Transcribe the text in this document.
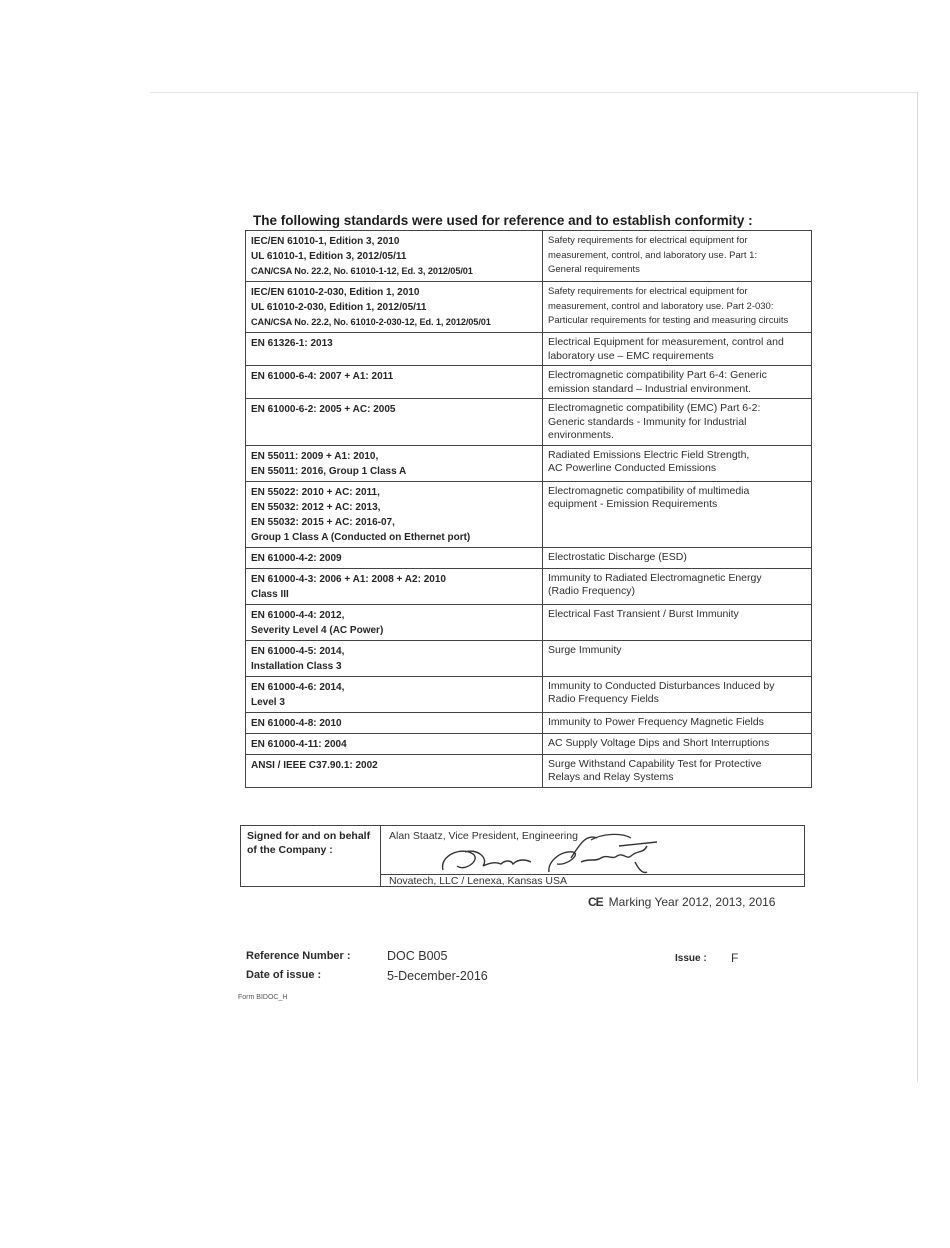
The following standards were used for reference and to establish conformity :
IEC/EN 61010-1, Edition 3, 2010
UL 61010-1, Edition 3, 2012/05/11
CAN/CSA No. 22.2, No. 61010-1-12, Ed. 3, 2012/05/01	Safety requirements for electrical equipment for
measurement, control, and laboratory use. Part 1:
General requirements

IEC/EN 61010-2-030, Edition 1, 2010
UL 61010-2-030, Edition 1, 2012/05/11
CAN/CSA No. 22.2, No. 61010-2-030-12, Ed. 1, 2012/05/01	Safety requirements for electrical equipment for
measurement, control and laboratory use. Part 2-030:
Particular requirements for testing and measuring circuits

EN 61326-1: 2013	Electrical Equipment for measurement, control and
laboratory use – EMC requirements

EN 61000-6-4: 2007 + A1: 2011	Electromagnetic compatibility Part 6-4: Generic
emission standard – Industrial environment.

EN 61000-6-2: 2005 + AC: 2005	Electromagnetic compatibility (EMC) Part 6-2:
Generic standards - Immunity for Industrial
environments.

EN 55011: 2009 + A1: 2010,
EN 55011: 2016, Group 1 Class A	Radiated Emissions Electric Field Strength,
AC Powerline Conducted Emissions

EN 55022: 2010 + AC: 2011,
EN 55032: 2012 + AC: 2013,
EN 55032: 2015 + AC: 2016-07,
Group 1 Class A (Conducted on Ethernet port)	Electromagnetic compatibility of multimedia
equipment - Emission Requirements

EN 61000-4-2: 2009	Electrostatic Discharge (ESD)

EN 61000-4-3: 2006 + A1: 2008 + A2: 2010
Class III	Immunity to Radiated Electromagnetic Energy
(Radio Frequency)

EN 61000-4-4: 2012,
Severity Level 4 (AC Power)	Electrical Fast Transient / Burst Immunity

EN 61000-4-5: 2014,
Installation Class 3	Surge Immunity

EN 61000-4-6: 2014,
Level 3	Immunity to Conducted Disturbances Induced by
Radio Frequency Fields

EN 61000-4-8: 2010	Immunity to Power Frequency Magnetic Fields

EN 61000-4-11: 2004	AC Supply Voltage Dips and Short Interruptions

ANSI / IEEE C37.90.1: 2002	Surge Withstand Capability Test for Protective
Relays and Relay Systems
Signed for and on behalf
of the Company :
Alan Staatz, Vice President, Engineering
Novatech, LLC / Lenexa, Kansas USA
CE Marking Year 2012, 2013, 2016
Reference Number :	DOC B005
Date of issue :	5-December-2016
Issue : F
Form BIDOC_H
